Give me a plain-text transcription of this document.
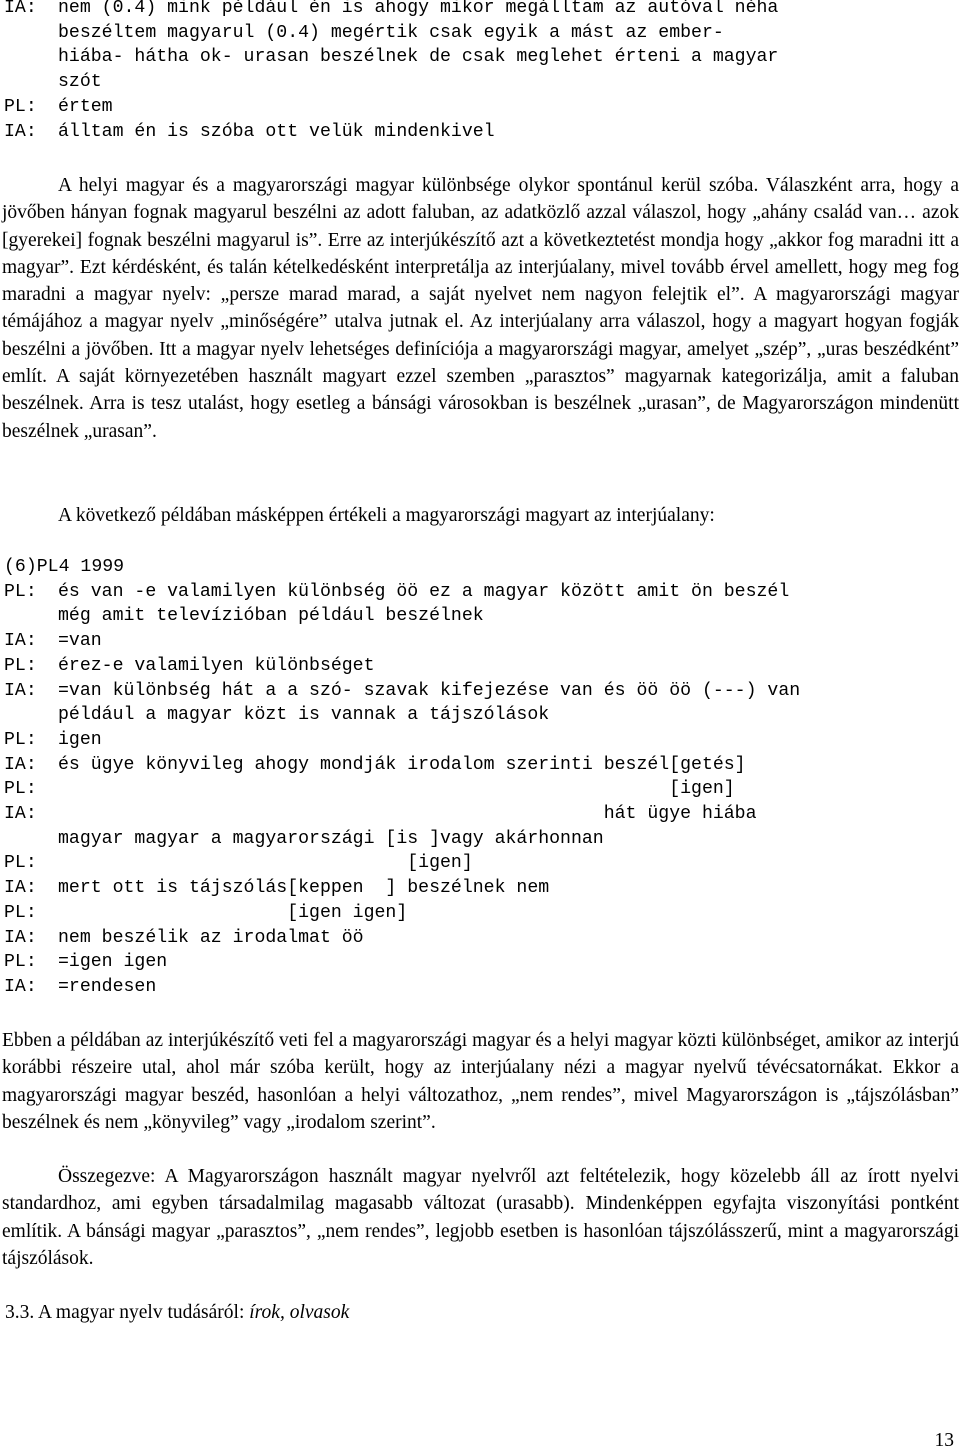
IA:	nem (0.4) mink például én is ahogy mikor megálltam az autóval néha
beszéltem magyarul (0.4) megértik csak egyik a mást az ember-
hiába- hátha ok- urasan beszélnek de csak meglehet érteni a magyar
szót
PL:	értem
IA:	álltam én is szóba ott velük mindenkivel

A helyi magyar és a magyarországi magyar különbsége olykor spontánul kerül szóba. Válaszként arra, hogy a jövőben hányan fognak magyarul beszélni az adott faluban, az adatközlő azzal válaszol, hogy „ahány család van… azok [gyerekei] fognak beszélni magyarul is”. Erre az interjúkészítő azt a következtetést mondja hogy „akkor fog maradni itt a magyar”. Ezt kérdésként, és talán kételkedésként interpretálja az interjúalany, mivel tovább érvel amellett, hogy meg fog maradni a magyar nyelv: „persze marad marad, a saját nyelvet nem nagyon felejtik el”. A magyarországi magyar témájához a magyar nyelv „minőségére” utalva jutnak el. Az interjúalany arra válaszol, hogy a magyart hogyan fogják beszélni a jövőben. Itt a magyar nyelv lehetséges definíciója a magyarországi magyar, amelyet „szép”, „uras beszédként” említ. A saját környezetében használt magyart ezzel szemben „parasztos” magyarnak kategorizálja, amit a faluban beszélnek. Arra is tesz utalást, hogy esetleg a bánsági városokban is beszélnek „urasan”, de Magyarországon mindenütt beszélnek „urasan”.

A következő példában másképpen értékeli a magyarországi magyart az interjúalany:

(6)PL4 1999
PL:	és van -e valamilyen különbség öö ez a magyar között amit ön beszél
még amit televízióban például beszélnek
IA:	=van
PL:	érez-e valamilyen különbséget
IA:	=van különbség hát a a szó- szavak kifejezése van és öö öö (---) van
például a magyar közt is vannak a tájszólások
PL:	igen
IA:	és ügye könyvileg ahogy mondják irodalom szerinti beszél[getés]
PL:	[igen]
IA:	hát ügye hiába
magyar magyar a magyarországi [is ]vagy akárhonnan
PL:	[igen]
IA:	mert ott is tájszólás[keppen  ] beszélnek nem
PL:	[igen igen]
IA:	nem beszélik az irodalmat öö
PL:	=igen igen
IA:	=rendesen

Ebben a példában az interjúkészítő veti fel a magyarországi magyar és a helyi magyar közti különbséget, amikor az interjú korábbi részeire utal, ahol már szóba került, hogy az interjúalany nézi a magyar nyelvű tévécsatornákat. Ekkor a magyarországi magyar beszéd, hasonlóan a helyi változathoz, „nem rendes”, mivel Magyarországon is „tájszólásban” beszélnek és nem „könyvileg” vagy „irodalom szerint”.

Összegezve: A Magyarországon használt magyar nyelvről azt feltételezik, hogy közelebb áll az írott nyelvi standardhoz, ami egyben társadalmilag magasabb változat (urasabb). Mindenképpen egyfajta viszonyítási pontként említik. A bánsági magyar „parasztos”, „nem rendes”, legjobb esetben is hasonlóan tájszólásszerű, mint a magyarországi tájszólások.

3.3. A magyar nyelv tudásáról: írok, olvasok
13
